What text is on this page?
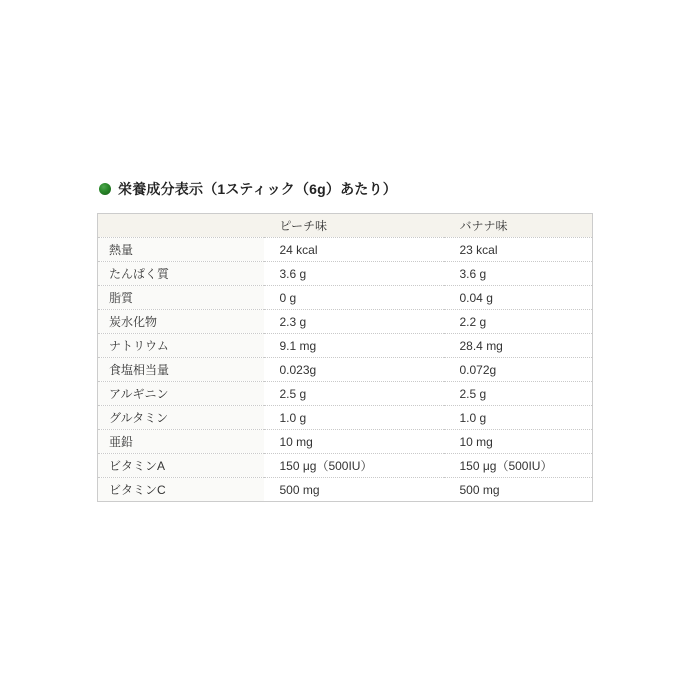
栄養成分表示（1スティック（6g）あたり）
	ピーチ味	バナナ味
熱量	24 kcal	23 kcal
たんぱく質	3.6 g	3.6 g
脂質	0 g	0.04 g
炭水化物	2.3 g	2.2 g
ナトリウム	9.1 mg	28.4 mg
食塩相当量	0.023g	0.072g
アルギニン	2.5 g	2.5 g
グルタミン	1.0 g	1.0 g
亜鉛	10 mg	10 mg
ビタミンA	150 μg（500IU）	150 μg（500IU）
ビタミンC	500 mg	500 mg
